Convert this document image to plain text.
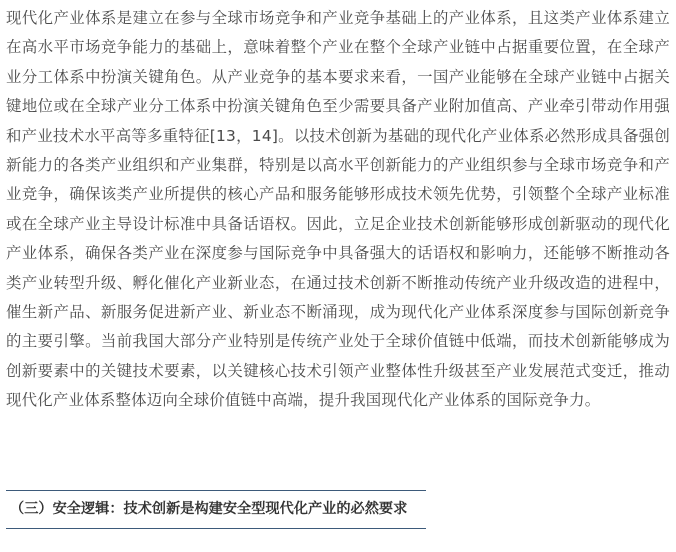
现代化产业体系是建立在参与全球市场竞争和产业竞争基础上的产业体系，且这类产业体系建立在高水平市场竞争能力的基础上，意味着整个产业在整个全球产业链中占据重要位置，在全球产业分工体系中扮演关键角色。从产业竞争的基本要求来看，一国产业能够在全球产业链中占据关键地位或在全球产业分工体系中扮演关键角色至少需要具备产业附加值高、产业牵引带动作用强和产业技术水平高等多重特征[13，14]。以技术创新为基础的现代化产业体系必然形成具备强创新能力的各类产业组织和产业集群，特别是以高水平创新能力的产业组织参与全球市场竞争和产业竞争，确保该类产业所提供的核心产品和服务能够形成技术领先优势，引领整个全球产业标准或在全球产业主导设计标准中具备话语权。因此，立足企业技术创新能够形成创新驱动的现代化产业体系，确保各类产业在深度参与国际竞争中具备强大的话语权和影响力，还能够不断推动各类产业转型升级、孵化催化产业新业态，在通过技术创新不断推动传统产业升级改造的进程中，催生新产品、新服务促进新产业、新业态不断涌现，成为现代化产业体系深度参与国际创新竞争的主要引擎。当前我国大部分产业特别是传统产业处于全球价值链中低端，而技术创新能够成为创新要素中的关键技术要素，以关键核心技术引领产业整体性升级甚至产业发展范式变迁，推动现代化产业体系整体迈向全球价值链中高端，提升我国现代化产业体系的国际竞争力。

（三）安全逻辑：技术创新是构建安全型现代化产业的必然要求
